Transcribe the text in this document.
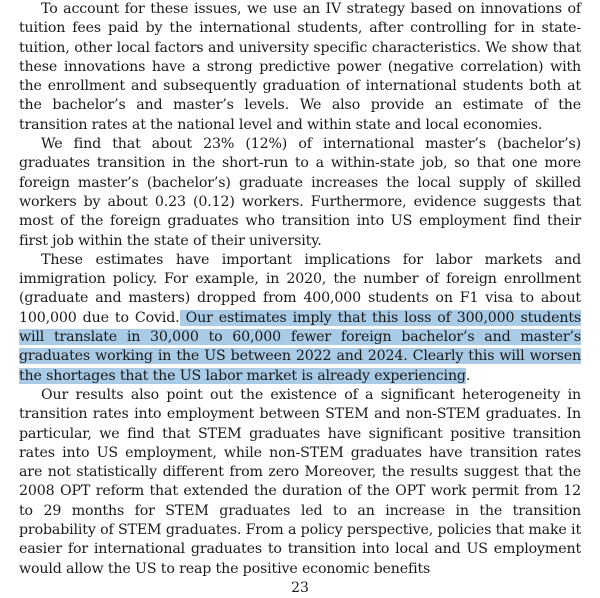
To account for these issues, we use an IV strategy based on innovations of tuition fees paid by the international students, after controlling for in state-tuition, other local factors and university specific characteristics. We show that these innovations have a strong predictive power (negative correlation) with the enrollment and subsequently graduation of international students both at the bachelor’s and master’s levels. We also provide an estimate of the transition rates at the national level and within state and local economies.

We find that about 23% (12%) of international master’s (bachelor’s) graduates transition in the short-run to a within-state job, so that one more foreign master’s (bachelor’s) graduate increases the local supply of skilled workers by about 0.23 (0.12) workers. Furthermore, evidence suggests that most of the foreign graduates who transition into US employment find their first job within the state of their university.

These estimates have important implications for labor markets and immigration policy. For example, in 2020, the number of foreign enrollment (graduate and masters) dropped from 400,000 students on F1 visa to about 100,000 due to Covid. Our estimates imply that this loss of 300,000 students will translate in 30,000 to 60,000 fewer foreign bachelor’s and master’s graduates working in the US between 2022 and 2024. Clearly this will worsen the shortages that the US labor market is already experiencing.

Our results also point out the existence of a significant heterogeneity in transition rates into employment between STEM and non-STEM graduates. In particular, we find that STEM graduates have significant positive transition rates into US employment, while non-STEM graduates have transition rates are not statistically different from zero Moreover, the results suggest that the 2008 OPT reform that extended the duration of the OPT work permit from 12 to 29 months for STEM graduates led to an increase in the transition probability of STEM graduates. From a policy perspective, policies that make it easier for international graduates to transition into local and US employment would allow the US to reap the positive economic benefits

23
